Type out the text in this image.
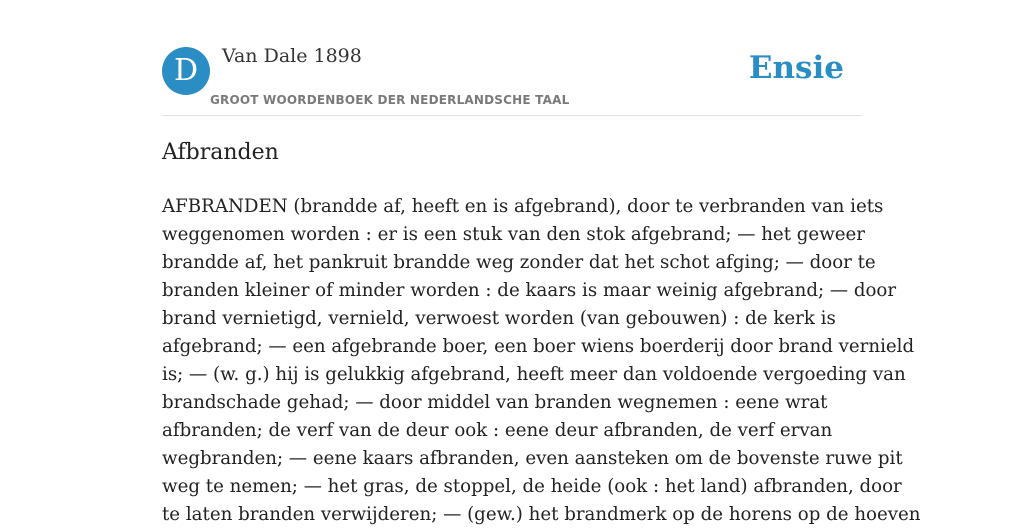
D	Van Dale 1898
GROOT WOORDENBOEK DER NEDERLANDSCHE TAAL
Ensie
Afbranden
AFBRANDEN (brandde af, heeft en is afgebrand), door te verbranden van iets
weggenomen worden : er is een stuk van den stok afgebrand; — het geweer
brandde af, het pankruit brandde weg zonder dat het schot afging; — door te
branden kleiner of minder worden : de kaars is maar weinig afgebrand; — door
brand vernietigd, vernield, verwoest worden (van gebouwen) : de kerk is
afgebrand; — een afgebrande boer, een boer wiens boerderij door brand vernield
is; — (w. g.) hij is gelukkig afgebrand, heeft meer dan voldoende vergoeding van
brandschade gehad; — door middel van branden wegnemen : eene wrat
afbranden; de verf van de deur ook : eene deur afbranden, de verf ervan
wegbranden; — eene kaars afbranden, even aansteken om de bovenste ruwe pit
weg te nemen; — het gras, de stoppel, de heide (ook : het land) afbranden, door
te laten branden verwijderen; — (gew.) het brandmerk op de horens op de hoeven
